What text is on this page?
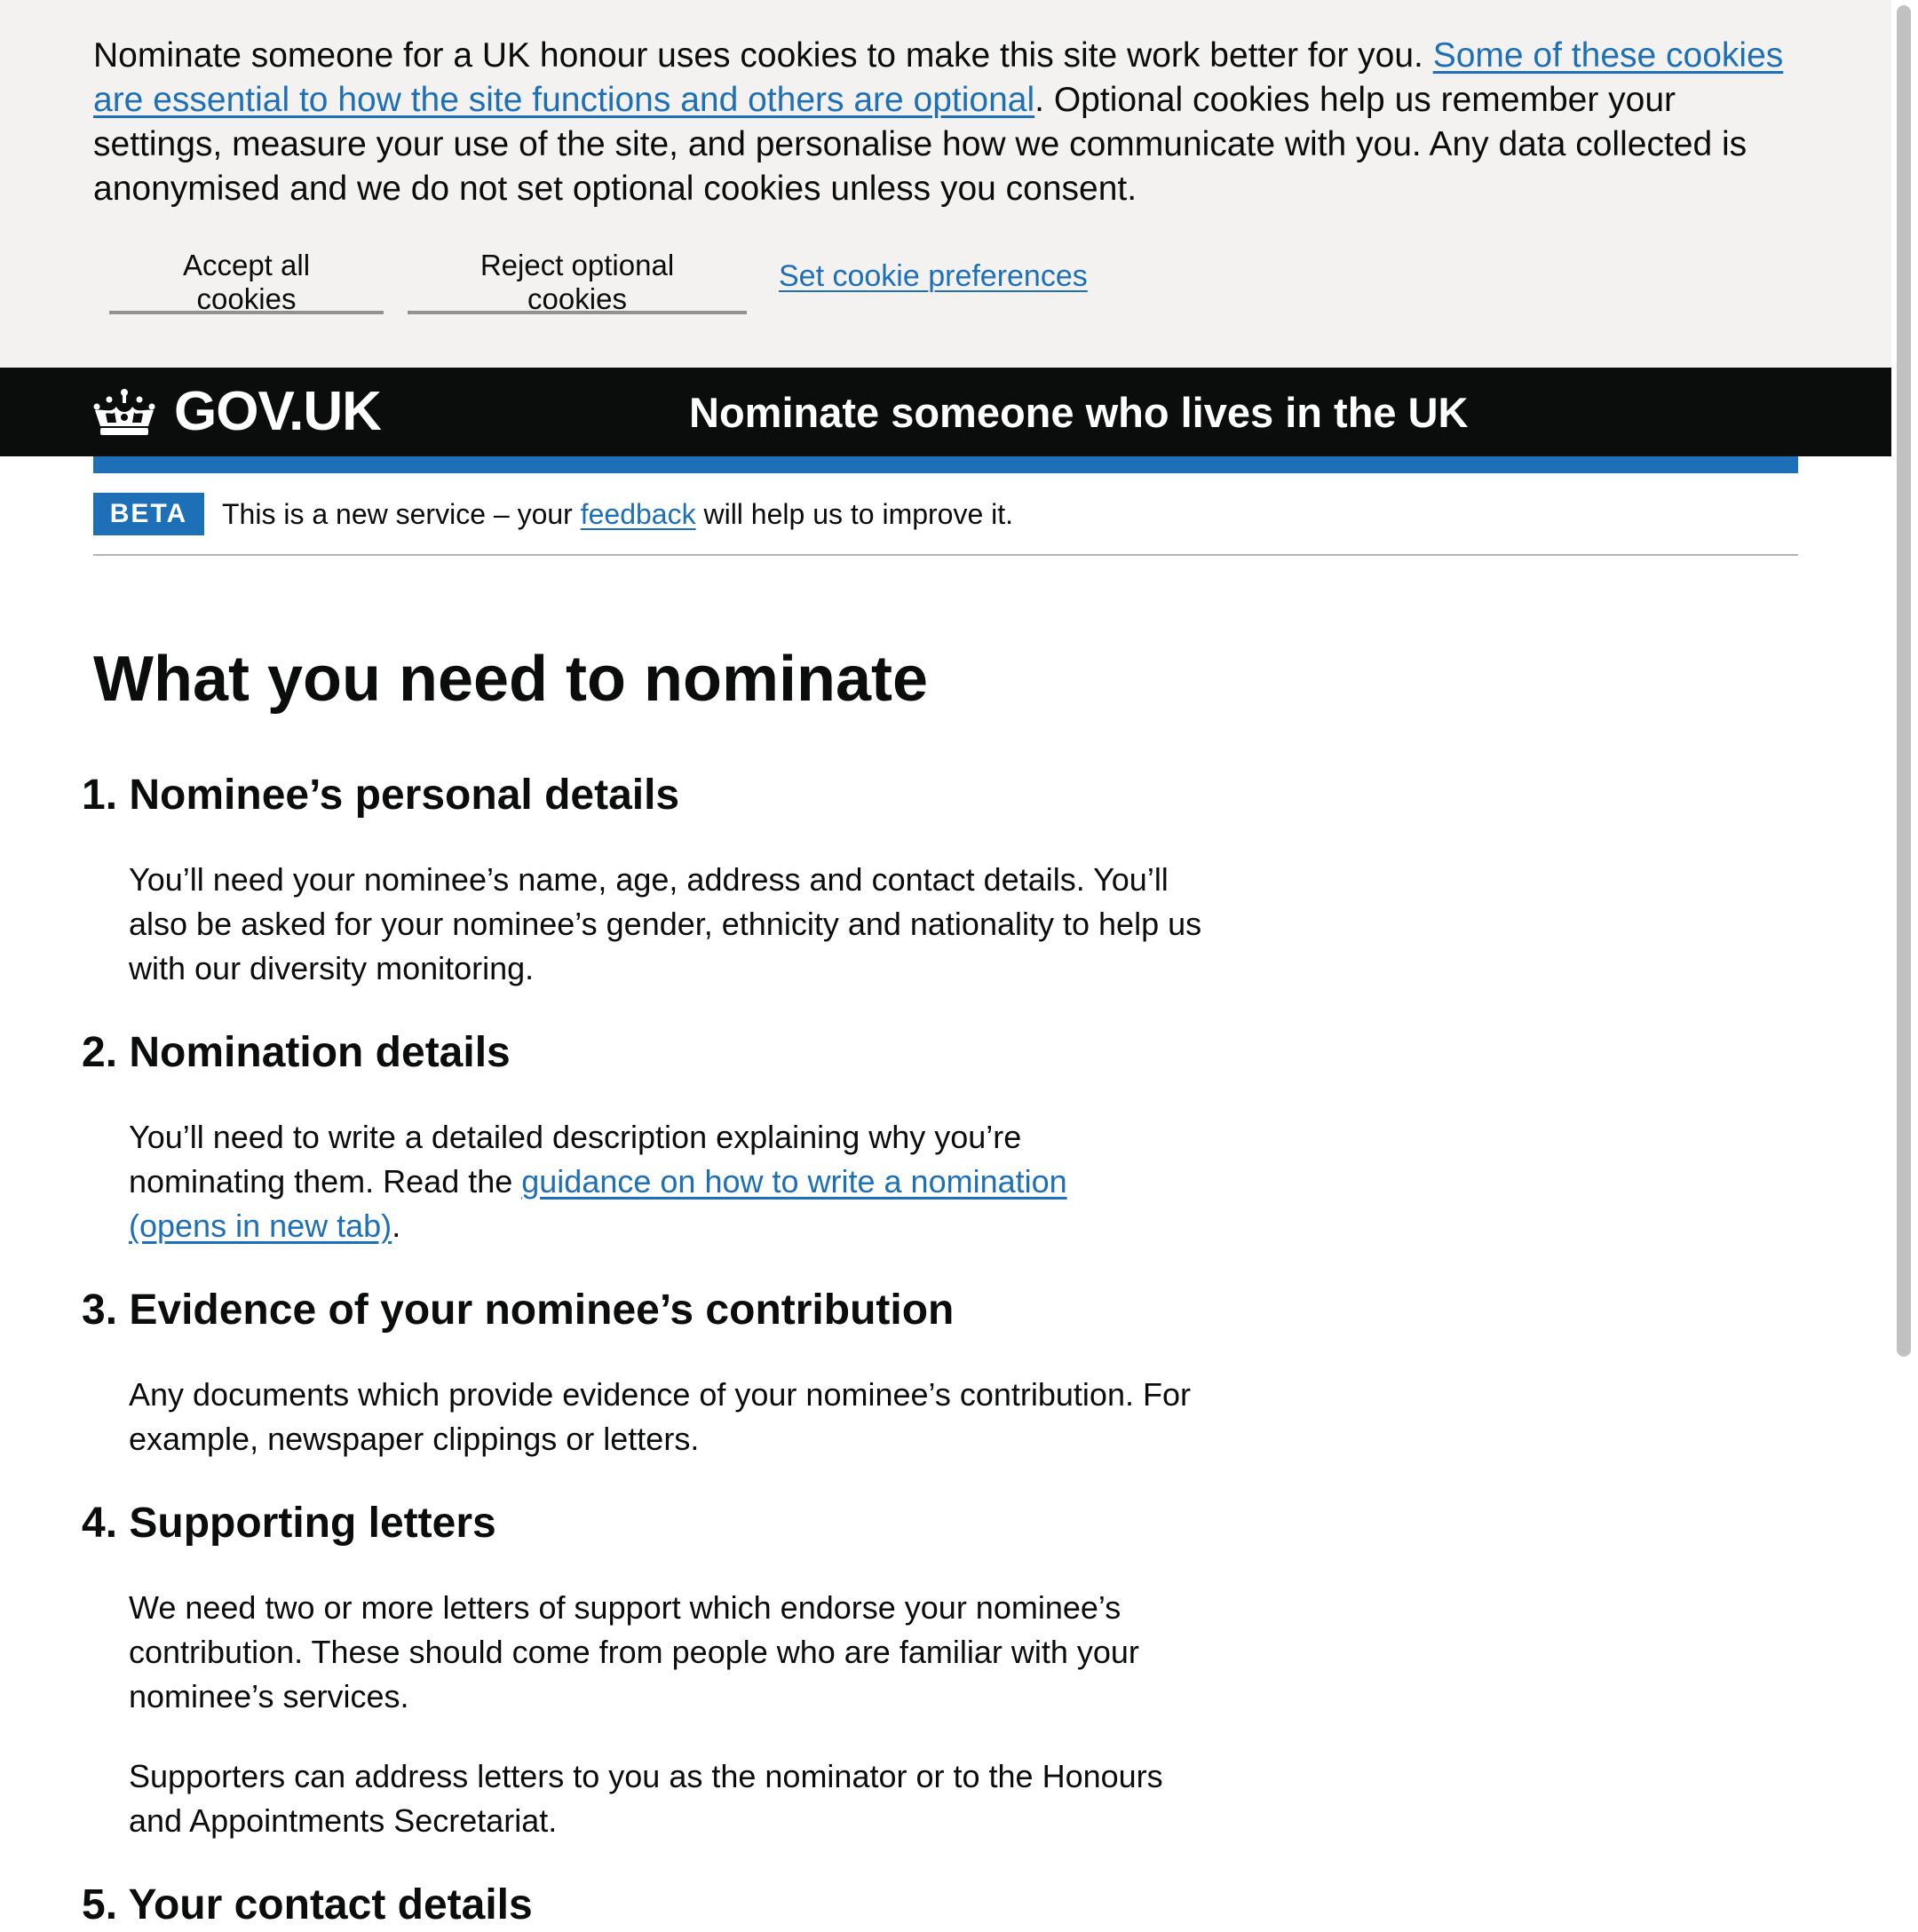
Nominate someone for a UK honour uses cookies to make this site work better for you. Some of these cookies are essential to how the site functions and others are optional. Optional cookies help us remember your settings, measure your use of the site, and personalise how we communicate with you. Any data collected is anonymised and we do not set optional cookies unless you consent.

Accept all cookies
Reject optional cookies
Set cookie preferences
GOV.UK	Nominate someone who lives in the UK
BETA	This is a new service – your feedback will help us to improve it.
What you need to nominate
1. Nominee’s personal details

You’ll need your nominee’s name, age, address and contact details. You’ll also be asked for your nominee’s gender, ethnicity and nationality to help us with our diversity monitoring.

2. Nomination details

You’ll need to write a detailed description explaining why you’re nominating them. Read the guidance on how to write a nomination (opens in new tab).

3. Evidence of your nominee’s contribution

Any documents which provide evidence of your nominee’s contribution. For example, newspaper clippings or letters.

4. Supporting letters

We need two or more letters of support which endorse your nominee’s contribution. These should come from people who are familiar with your nominee’s services.

Supporters can address letters to you as the nominator or to the Honours and Appointments Secretariat.

5. Your contact details
